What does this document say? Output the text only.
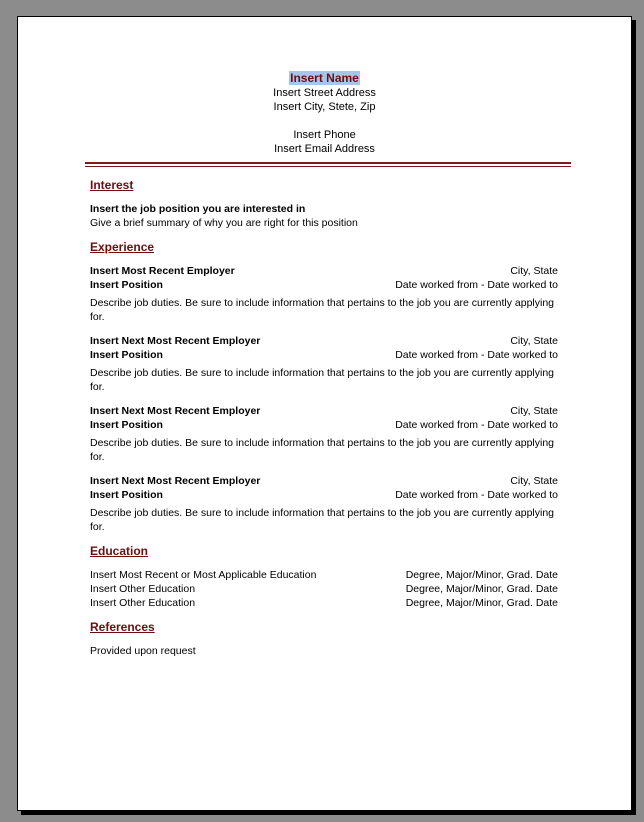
Insert Name
Insert Street Address
Insert City, Stete, Zip
Insert Phone
Insert Email Address
Interest
Insert the job position you are interested in
Give a brief summary of why you are right for this position
Experience
Insert Most Recent Employer	City, State
Insert Position	Date worked from - Date worked to
Describe job duties. Be sure to include information that pertains to the job you are currently applying for.
Insert Next Most Recent Employer	City, State
Insert Position	Date worked from - Date worked to
Describe job duties. Be sure to include information that pertains to the job you are currently applying for.
Insert Next Most Recent Employer	City, State
Insert Position	Date worked from - Date worked to
Describe job duties. Be sure to include information that pertains to the job you are currently applying for.
Insert Next Most Recent Employer	City, State
Insert Position	Date worked from - Date worked to
Describe job duties. Be sure to include information that pertains to the job you are currently applying for.
Education
Insert Most Recent or Most Applicable Education	Degree, Major/Minor, Grad. Date
Insert Other Education	Degree, Major/Minor, Grad. Date
Insert Other Education	Degree, Major/Minor, Grad. Date
References
Provided upon request
